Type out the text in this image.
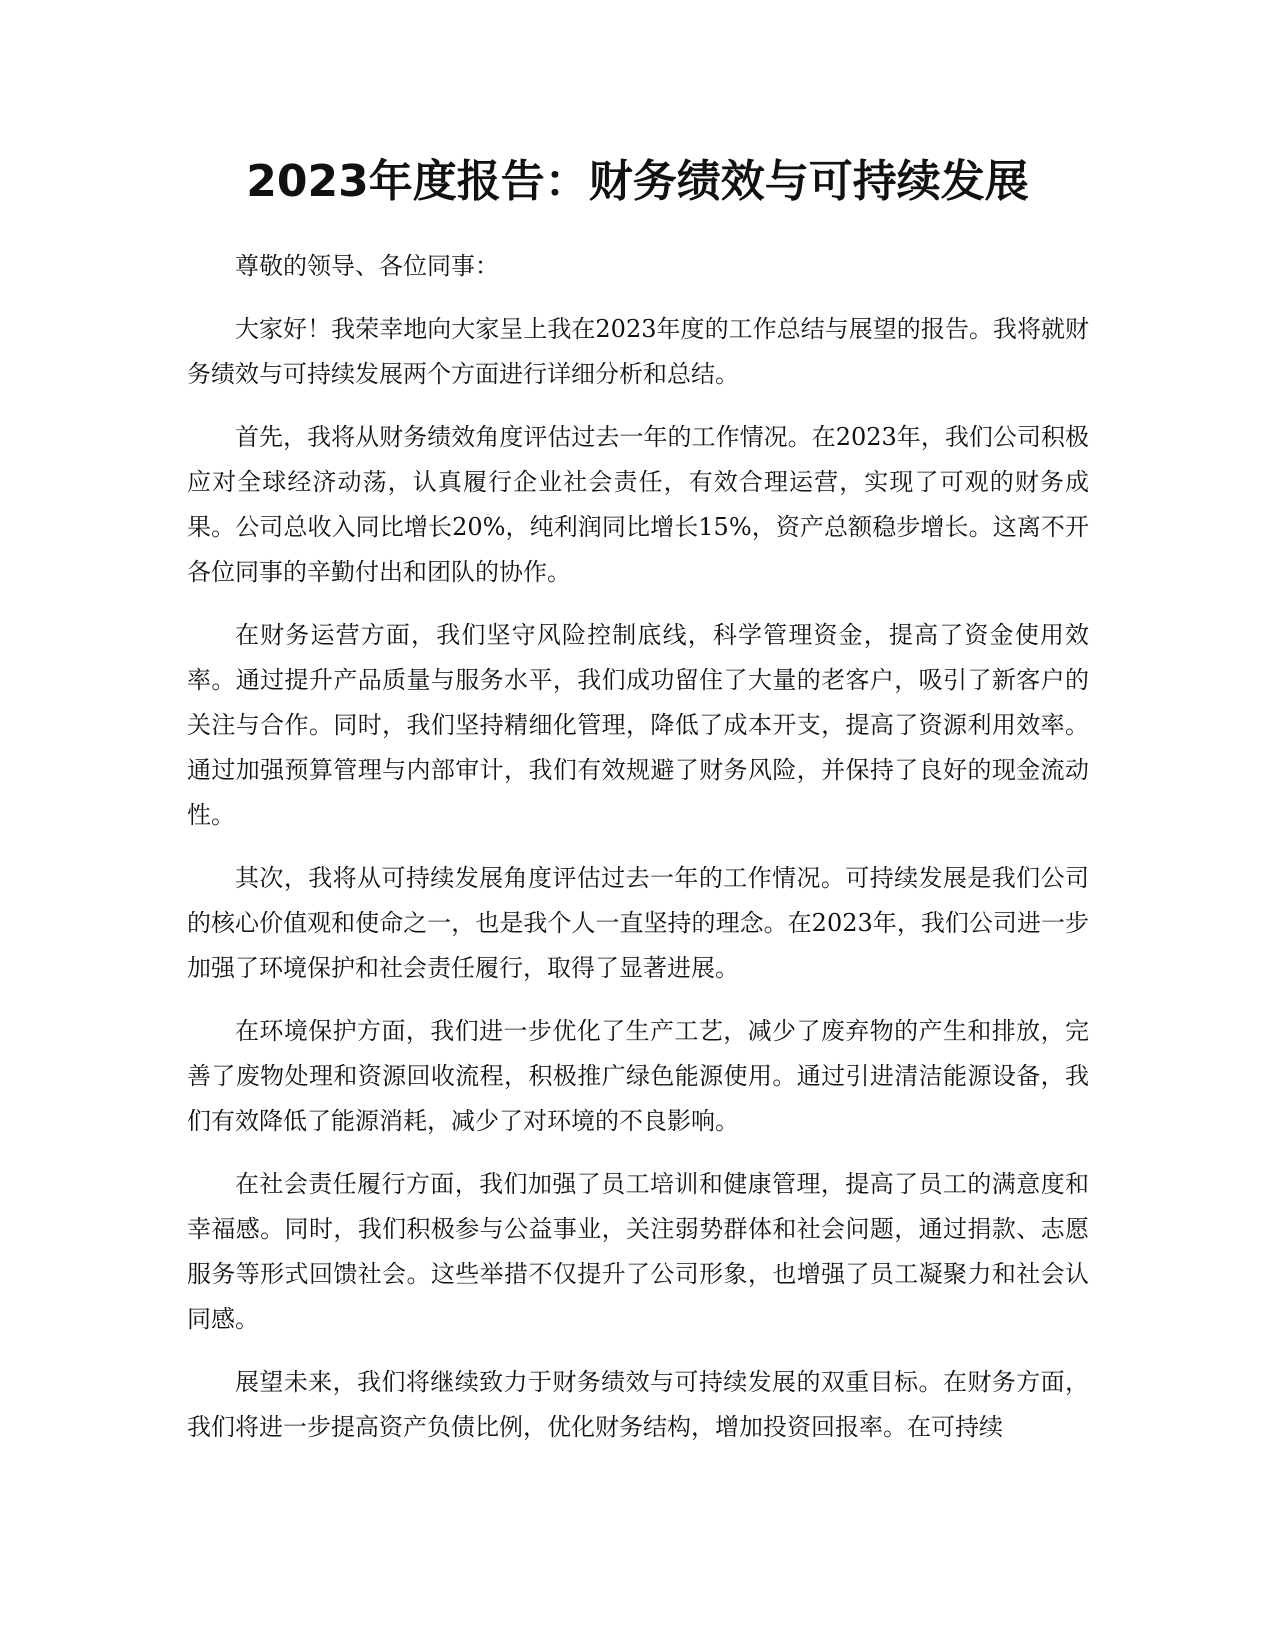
2023年度报告：财务绩效与可持续发展

尊敬的领导、各位同事：

大家好！我荣幸地向大家呈上我在2023年度的工作总结与展望的报告。我将就财务绩效与可持续发展两个方面进行详细分析和总结。

首先，我将从财务绩效角度评估过去一年的工作情况。在2023年，我们公司积极应对全球经济动荡，认真履行企业社会责任，有效合理运营，实现了可观的财务成果。公司总收入同比增长20%，纯利润同比增长15%，资产总额稳步增长。这离不开各位同事的辛勤付出和团队的协作。

在财务运营方面，我们坚守风险控制底线，科学管理资金，提高了资金使用效率。通过提升产品质量与服务水平，我们成功留住了大量的老客户，吸引了新客户的关注与合作。同时，我们坚持精细化管理，降低了成本开支，提高了资源利用效率。通过加强预算管理与内部审计，我们有效规避了财务风险，并保持了良好的现金流动性。

其次，我将从可持续发展角度评估过去一年的工作情况。可持续发展是我们公司的核心价值观和使命之一，也是我个人一直坚持的理念。在2023年，我们公司进一步加强了环境保护和社会责任履行，取得了显著进展。

在环境保护方面，我们进一步优化了生产工艺，减少了废弃物的产生和排放，完善了废物处理和资源回收流程，积极推广绿色能源使用。通过引进清洁能源设备，我们有效降低了能源消耗，减少了对环境的不良影响。

在社会责任履行方面，我们加强了员工培训和健康管理，提高了员工的满意度和幸福感。同时，我们积极参与公益事业，关注弱势群体和社会问题，通过捐款、志愿服务等形式回馈社会。这些举措不仅提升了公司形象，也增强了员工凝聚力和社会认同感。

展望未来，我们将继续致力于财务绩效与可持续发展的双重目标。在财务方面，我们将进一步提高资产负债比例，优化财务结构，增加投资回报率。在可持续
